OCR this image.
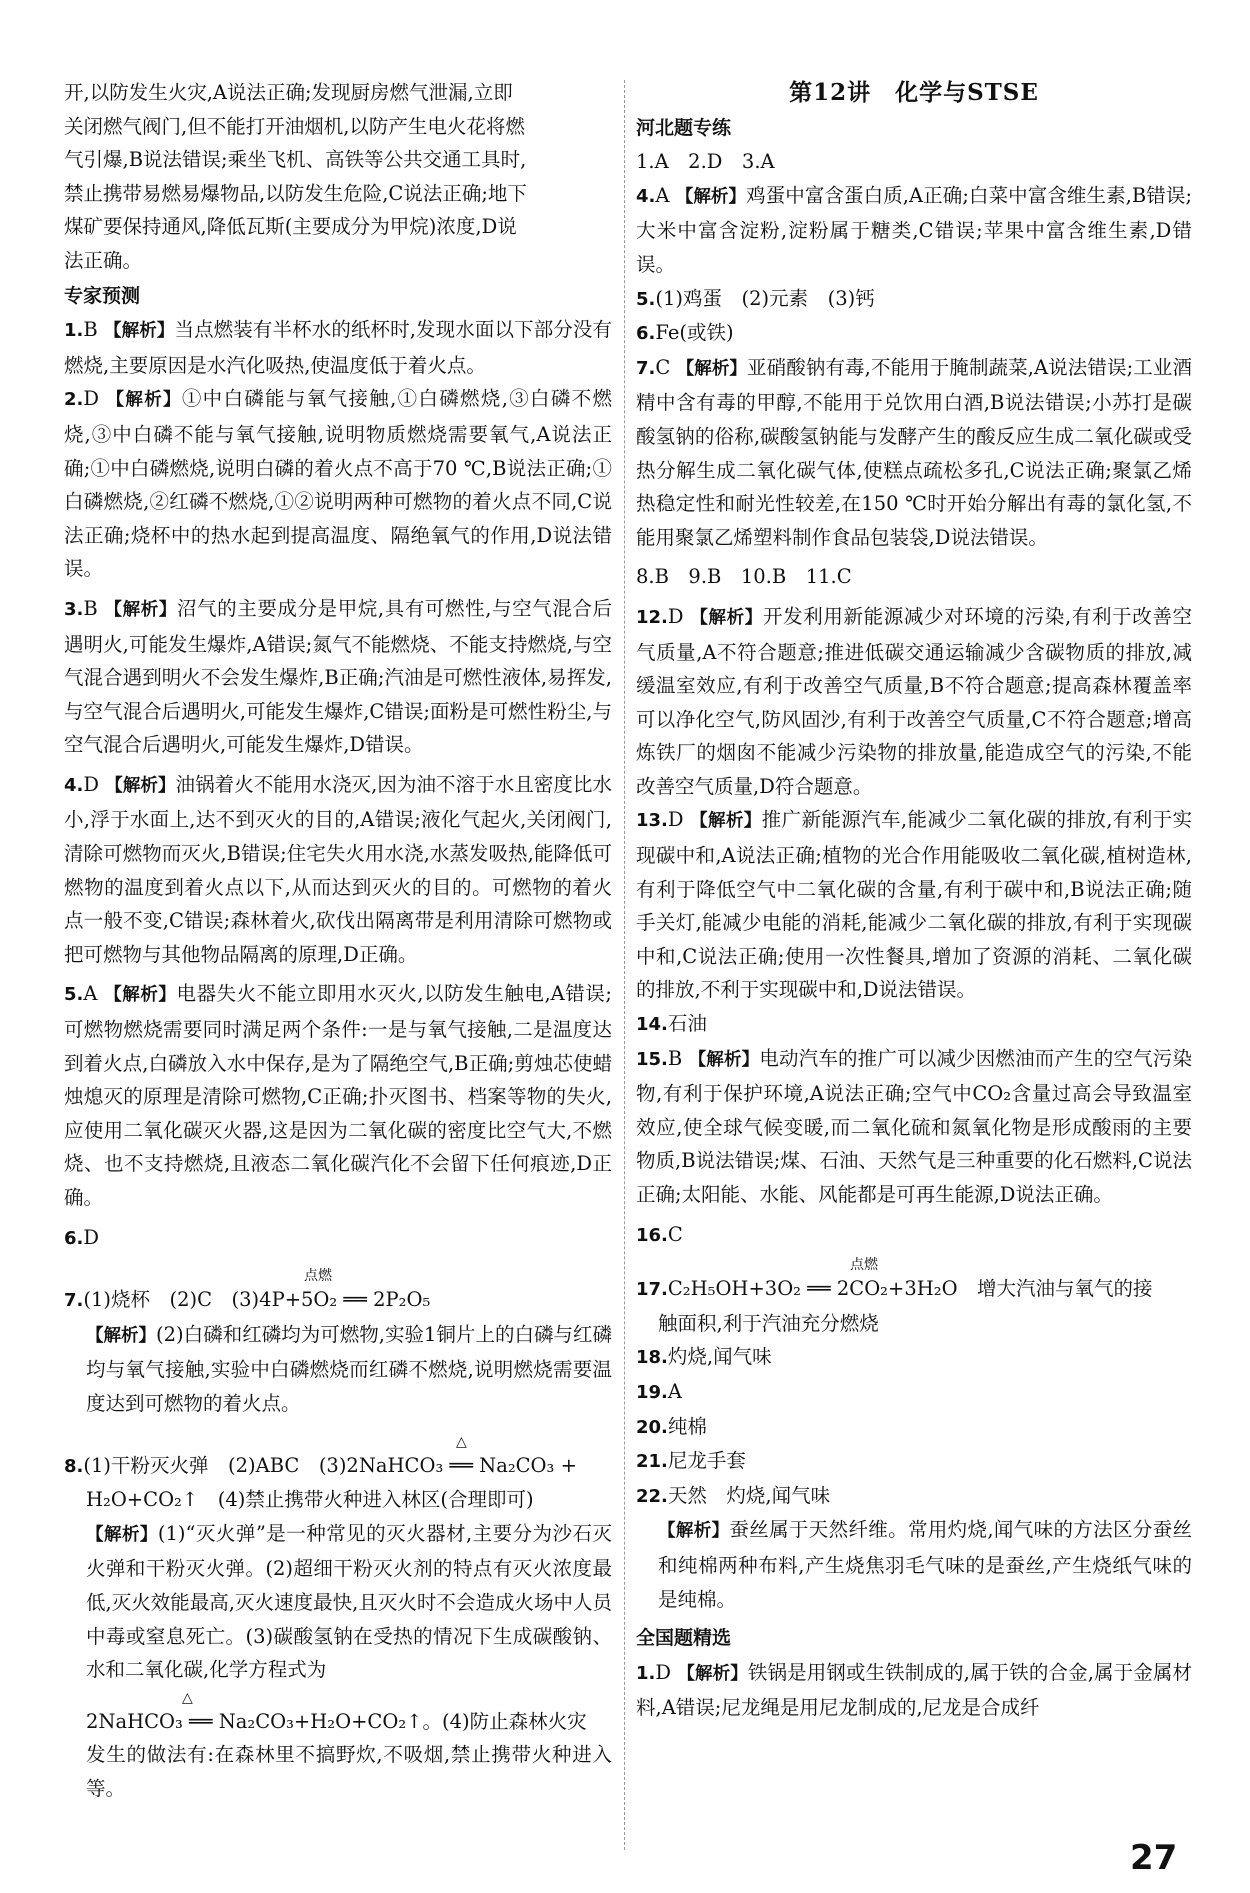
开,以防发生火灾,A说法正确;发现厨房燃气泄漏,立即

关闭燃气阀门,但不能打开油烟机,以防产生电火花将燃

气引爆,B说法错误;乘坐飞机、高铁等公共交通工具时,

禁止携带易燃易爆物品,以防发生危险,C说法正确;地下

煤矿要保持通风,降低瓦斯(主要成分为甲烷)浓度,D说

法正确。

专家预测
1.B 【解析】当点燃装有半杯水的纸杯时,发现水面以下部分没有燃烧,主要原因是水汽化吸热,使温度低于着火点。
2.D 【解析】①中白磷能与氧气接触,①白磷燃烧,③白磷不燃烧,③中白磷不能与氧气接触,说明物质燃烧需要氧气,A说法正确;①中白磷燃烧,说明白磷的着火点不高于70 ℃,B说法正确;①白磷燃烧,②红磷不燃烧,①②说明两种可燃物的着火点不同,C说法正确;烧杯中的热水起到提高温度、隔绝氧气的作用,D说法错误。
3.B 【解析】沼气的主要成分是甲烷,具有可燃性,与空气混合后遇明火,可能发生爆炸,A错误;氮气不能燃烧、不能支持燃烧,与空气混合遇到明火不会发生爆炸,B正确;汽油是可燃性液体,易挥发,与空气混合后遇明火,可能发生爆炸,C错误;面粉是可燃性粉尘,与空气混合后遇明火,可能发生爆炸,D错误。
4.D 【解析】油锅着火不能用水浇灭,因为油不溶于水且密度比水小,浮于水面上,达不到灭火的目的,A错误;液化气起火,关闭阀门,清除可燃物而灭火,B错误;住宅失火用水浇,水蒸发吸热,能降低可燃物的温度到着火点以下,从而达到灭火的目的。可燃物的着火点一般不变,C错误;森林着火,砍伐出隔离带是利用清除可燃物或把可燃物与其他物品隔离的原理,D正确。
5.A 【解析】电器失火不能立即用水灭火,以防发生触电,A错误;可燃物燃烧需要同时满足两个条件:一是与氧气接触,二是温度达到着火点,白磷放入水中保存,是为了隔绝空气,B正确;剪烛芯使蜡烛熄灭的原理是清除可燃物,C正确;扑灭图书、档案等物的失火,应使用二氧化碳灭火器,这是因为二氧化碳的密度比空气大,不燃烧、也不支持燃烧,且液态二氧化碳汽化不会留下任何痕迹,D正确。
6.D
点燃
7.(1)烧杯　(2)C　(3)4P+5O₂ ══ 2P₂O₅
【解析】(2)白磷和红磷均为可燃物,实验1铜片上的白磷与红磷均与氧气接触,实验中白磷燃烧而红磷不燃烧,说明燃烧需要温度达到可燃物的着火点。
△
8.(1)干粉灭火弹　(2)ABC　(3)2NaHCO₃ ══ Na₂CO₃ +
H₂O+CO₂↑　(4)禁止携带火种进入林区(合理即可)
【解析】(1)“灭火弹”是一种常见的灭火器材,主要分为沙石灭火弹和干粉灭火弹。(2)超细干粉灭火剂的特点有灭火浓度最低,灭火效能最高,灭火速度最快,且灭火时不会造成火场中人员中毒或窒息死亡。(3)碳酸氢钠在受热的情况下生成碳酸钠、水和二氧化碳,化学方程式为
△
2NaHCO₃ ══ Na₂CO₃+H₂O+CO₂↑。(4)防止森林火灾
发生的做法有:在森林里不搞野炊,不吸烟,禁止携带火种进入等。
第12讲　化学与STSE
河北题专练
1.A　2.D　3.A
4.A 【解析】鸡蛋中富含蛋白质,A正确;白菜中富含维生素,B错误;大米中富含淀粉,淀粉属于糖类,C错误;苹果中富含维生素,D错误。
5.(1)鸡蛋　(2)元素　(3)钙
6.Fe(或铁)
7.C 【解析】亚硝酸钠有毒,不能用于腌制蔬菜,A说法错误;工业酒精中含有毒的甲醇,不能用于兑饮用白酒,B说法错误;小苏打是碳酸氢钠的俗称,碳酸氢钠能与发酵产生的酸反应生成二氧化碳或受热分解生成二氧化碳气体,使糕点疏松多孔,C说法正确;聚氯乙烯热稳定性和耐光性较差,在150 ℃时开始分解出有毒的氯化氢,不能用聚氯乙烯塑料制作食品包装袋,D说法错误。
8.B　9.B　10.B　11.C
12.D 【解析】开发利用新能源减少对环境的污染,有利于改善空气质量,A不符合题意;推进低碳交通运输减少含碳物质的排放,减缓温室效应,有利于改善空气质量,B不符合题意;提高森林覆盖率可以净化空气,防风固沙,有利于改善空气质量,C不符合题意;增高炼铁厂的烟囱不能减少污染物的排放量,能造成空气的污染,不能改善空气质量,D符合题意。
13.D 【解析】推广新能源汽车,能减少二氧化碳的排放,有利于实现碳中和,A说法正确;植物的光合作用能吸收二氧化碳,植树造林,有利于降低空气中二氧化碳的含量,有利于碳中和,B说法正确;随手关灯,能减少电能的消耗,能减少二氧化碳的排放,有利于实现碳中和,C说法正确;使用一次性餐具,增加了资源的消耗、二氧化碳的排放,不利于实现碳中和,D说法错误。
14.石油
15.B 【解析】电动汽车的推广可以减少因燃油而产生的空气污染物,有利于保护环境,A说法正确;空气中CO₂含量过高会导致温室效应,使全球气候变暖,而二氧化硫和氮氧化物是形成酸雨的主要物质,B说法错误;煤、石油、天然气是三种重要的化石燃料,C说法正确;太阳能、水能、风能都是可再生能源,D说法正确。
16.C
点燃
17.C₂H₅OH+3O₂ ══ 2CO₂+3H₂O　增大汽油与氧气的接
触面积,利于汽油充分燃烧
18.灼烧,闻气味
19.A
20.纯棉
21.尼龙手套
22.天然　灼烧,闻气味
【解析】蚕丝属于天然纤维。常用灼烧,闻气味的方法区分蚕丝和纯棉两种布料,产生烧焦羽毛气味的是蚕丝,产生烧纸气味的是纯棉。
全国题精选
1.D 【解析】铁锅是用钢或生铁制成的,属于铁的合金,属于金属材料,A错误;尼龙绳是用尼龙制成的,尼龙是合成纤
27
